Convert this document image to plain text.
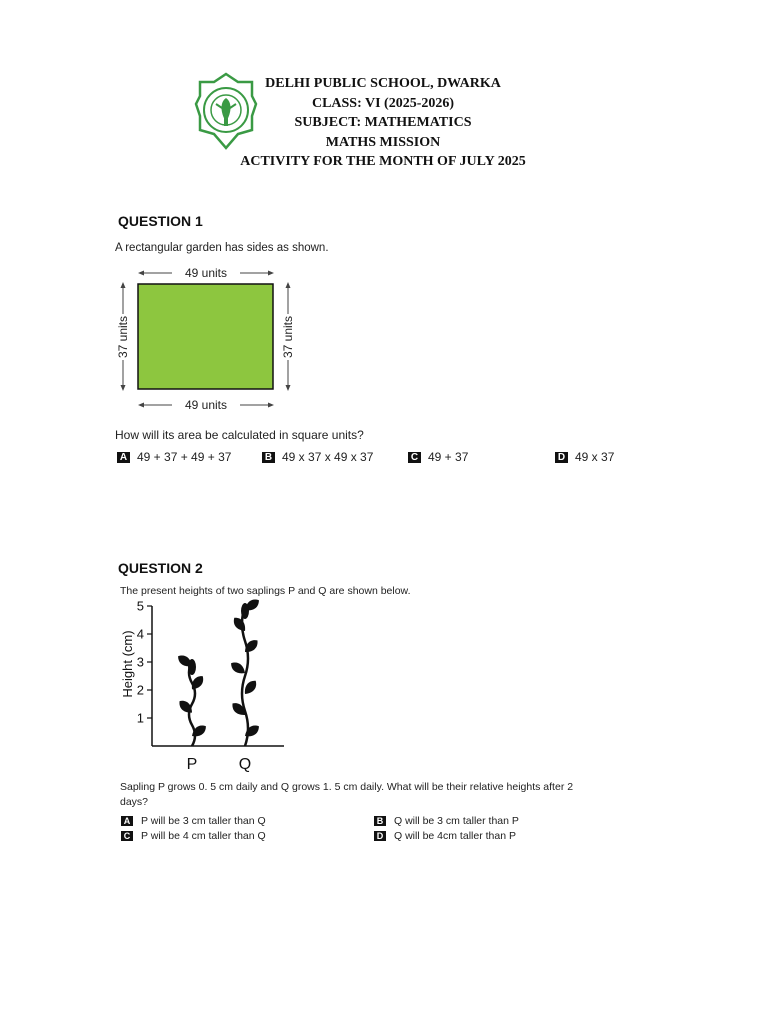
DELHI PUBLIC SCHOOL, DWARKA
CLASS: VI (2025-2026)
SUBJECT: MATHEMATICS
MATHS MISSION
ACTIVITY FOR THE MONTH OF JULY 2025
QUESTION 1
A rectangular garden has sides as shown.
49 units
49 units
37 units	37 units
How will its area be calculated in square units?
A 49 + 37 + 49 + 37	B 49 x 37 x 49 x 37	C 49 + 37	D 49 x 37
QUESTION 2
The present heights of two saplings P and Q are shown below.
Height (cm)
1
2
3
4
5
P	Q
Sapling P grows 0. 5 cm daily and Q grows 1. 5 cm daily. What will be their relative heights after 2
days?
A P will be 3 cm taller than Q	B Q will be 3 cm taller than P
C P will be 4 cm taller than Q	D Q will be 4cm taller than P
